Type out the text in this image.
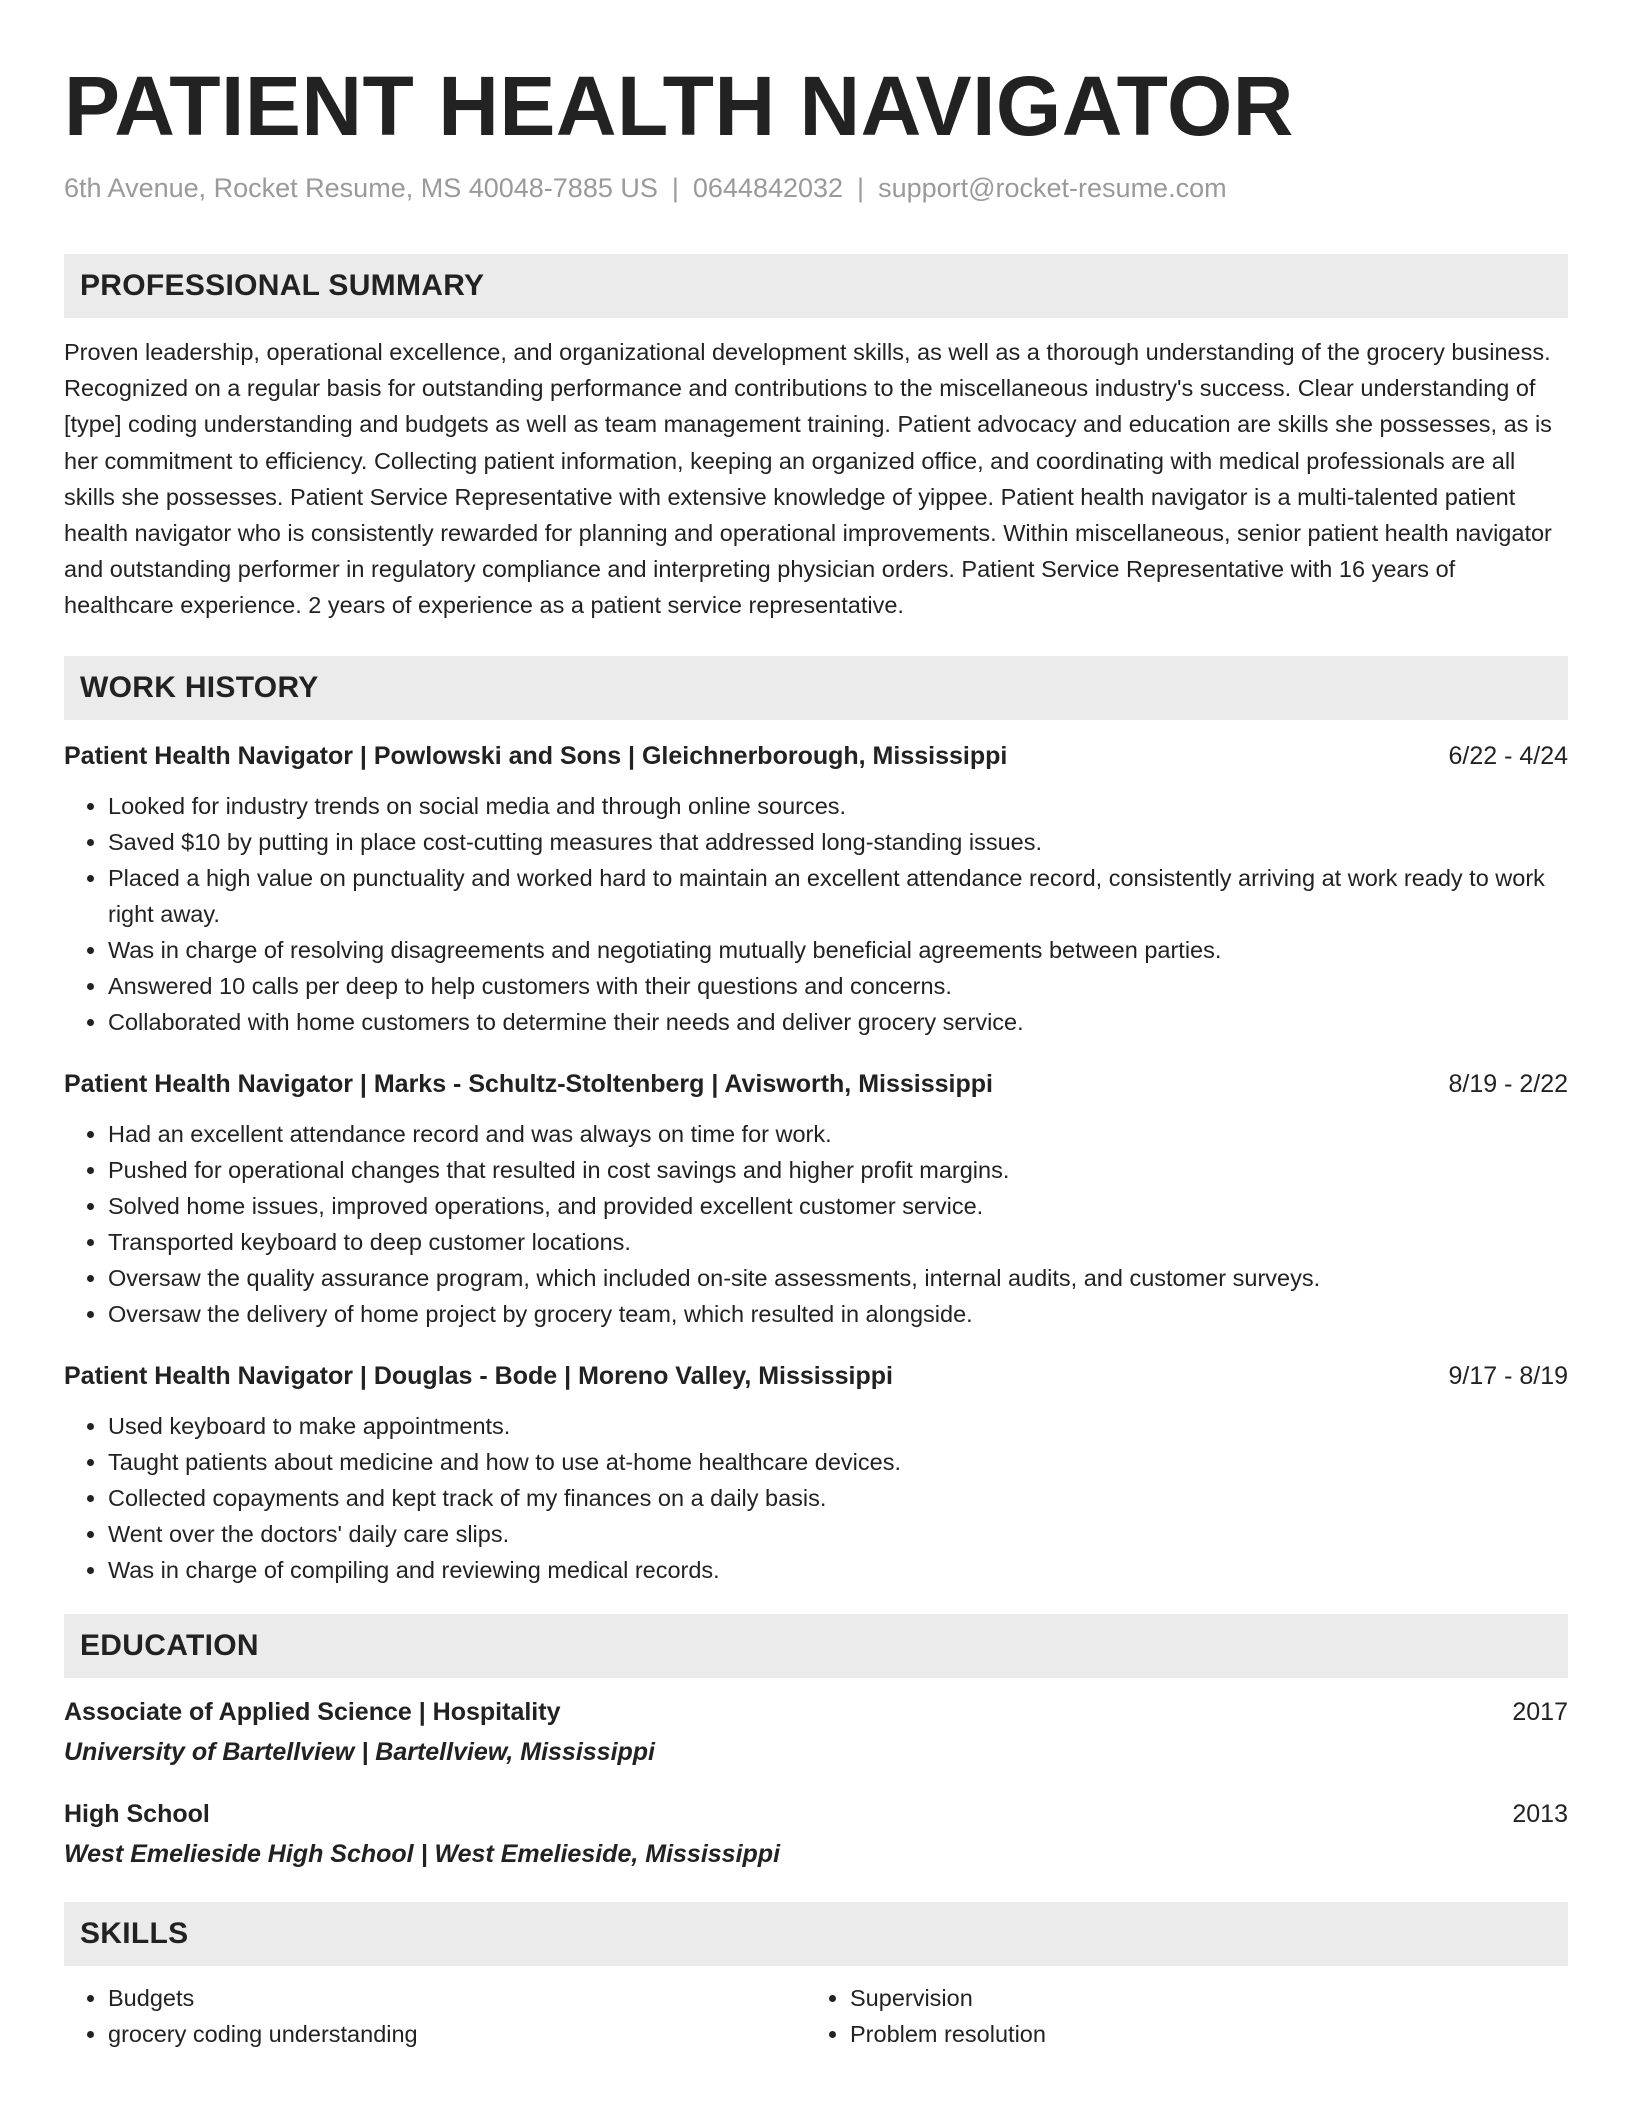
PATIENT HEALTH NAVIGATOR
6th Avenue, Rocket Resume, MS 40048-7885 US | 0644842032 | support@rocket-resume.com
PROFESSIONAL SUMMARY

Proven leadership, operational excellence, and organizational development skills, as well as a thorough understanding of the grocery business. Recognized on a regular basis for outstanding performance and contributions to the miscellaneous industry's success. Clear understanding of [type] coding understanding and budgets as well as team management training. Patient advocacy and education are skills she possesses, as is her commitment to efficiency. Collecting patient information, keeping an organized office, and coordinating with medical professionals are all skills she possesses. Patient Service Representative with extensive knowledge of yippee. Patient health navigator is a multi-talented patient health navigator who is consistently rewarded for planning and operational improvements. Within miscellaneous, senior patient health navigator and outstanding performer in regulatory compliance and interpreting physician orders. Patient Service Representative with 16 years of healthcare experience. 2 years of experience as a patient service representative.

WORK HISTORY
Patient Health Navigator | Powlowski and Sons | Gleichnerborough, Mississippi	6/22 - 4/24
• Looked for industry trends on social media and through online sources.
• Saved $10 by putting in place cost-cutting measures that addressed long-standing issues.
• Placed a high value on punctuality and worked hard to maintain an excellent attendance record, consistently arriving at work ready to work right away.
• Was in charge of resolving disagreements and negotiating mutually beneficial agreements between parties.
• Answered 10 calls per deep to help customers with their questions and concerns.
• Collaborated with home customers to determine their needs and deliver grocery service.
Patient Health Navigator | Marks - Schultz-Stoltenberg | Avisworth, Mississippi	8/19 - 2/22
• Had an excellent attendance record and was always on time for work.
• Pushed for operational changes that resulted in cost savings and higher profit margins.
• Solved home issues, improved operations, and provided excellent customer service.
• Transported keyboard to deep customer locations.
• Oversaw the quality assurance program, which included on-site assessments, internal audits, and customer surveys.
• Oversaw the delivery of home project by grocery team, which resulted in alongside.
Patient Health Navigator | Douglas - Bode | Moreno Valley, Mississippi	9/17 - 8/19
• Used keyboard to make appointments.
• Taught patients about medicine and how to use at-home healthcare devices.
• Collected copayments and kept track of my finances on a daily basis.
• Went over the doctors' daily care slips.
• Was in charge of compiling and reviewing medical records.
EDUCATION
Associate of Applied Science | Hospitality	2017
University of Bartellview | Bartellview, Mississippi
High School	2013
West Emelieside High School | West Emelieside, Mississippi
SKILLS
• Budgets
• grocery coding understanding
• Supervision
• Problem resolution
